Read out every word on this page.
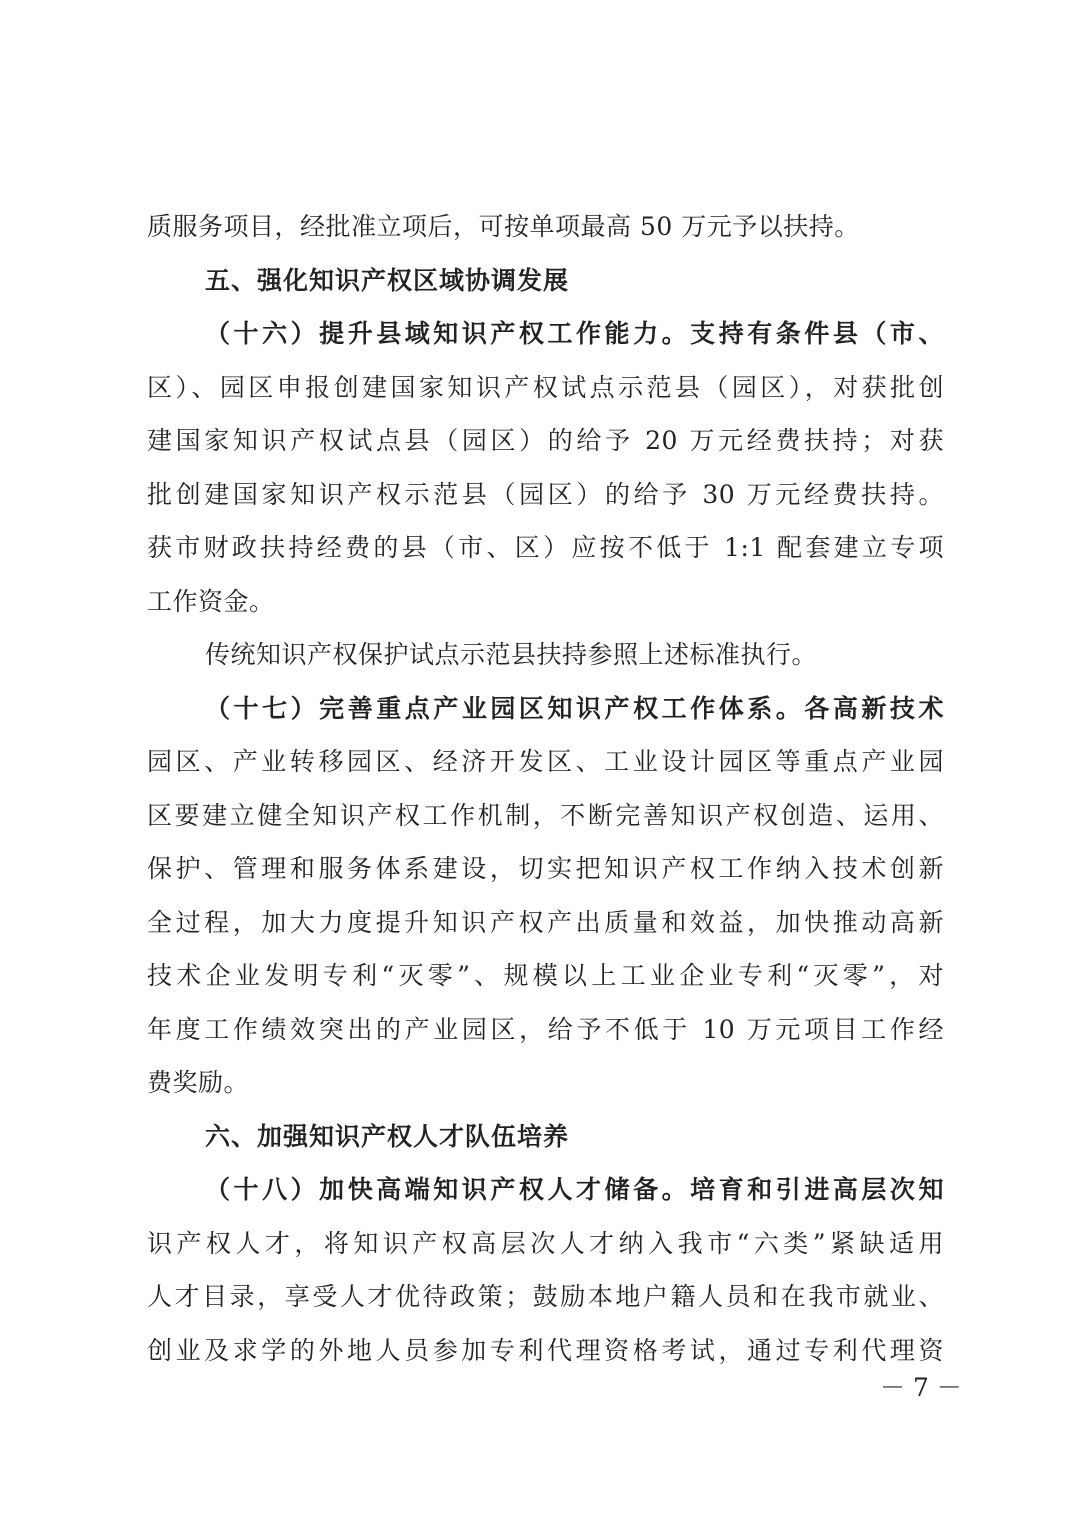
质服务项目，经批准立项后，可按单项最高 50 万元予以扶持。
五、强化知识产权区域协调发展
（十六）提升县域知识产权工作能力。支持有条件县（市、
区）、园区申报创建国家知识产权试点示范县（园区），对获批创
建国家知识产权试点县（园区）的给予 20 万元经费扶持；对获
批创建国家知识产权示范县（园区）的给予 30 万元经费扶持。
获市财政扶持经费的县（市、区）应按不低于 1:1 配套建立专项
工作资金。
传统知识产权保护试点示范县扶持参照上述标准执行。
（十七）完善重点产业园区知识产权工作体系。各高新技术
园区、产业转移园区、经济开发区、工业设计园区等重点产业园
区要建立健全知识产权工作机制，不断完善知识产权创造、运用、
保护、管理和服务体系建设，切实把知识产权工作纳入技术创新
全过程，加大力度提升知识产权产出质量和效益，加快推动高新
技术企业发明专利“灭零”、规模以上工业企业专利“灭零”，对
年度工作绩效突出的产业园区，给予不低于 10 万元项目工作经
费奖励。
六、加强知识产权人才队伍培养
（十八）加快高端知识产权人才储备。培育和引进高层次知
识产权人才，将知识产权高层次人才纳入我市“六类”紧缺适用
人才目录，享受人才优待政策；鼓励本地户籍人员和在我市就业、
创业及求学的外地人员参加专利代理资格考试，通过专利代理资
－ 7 －
